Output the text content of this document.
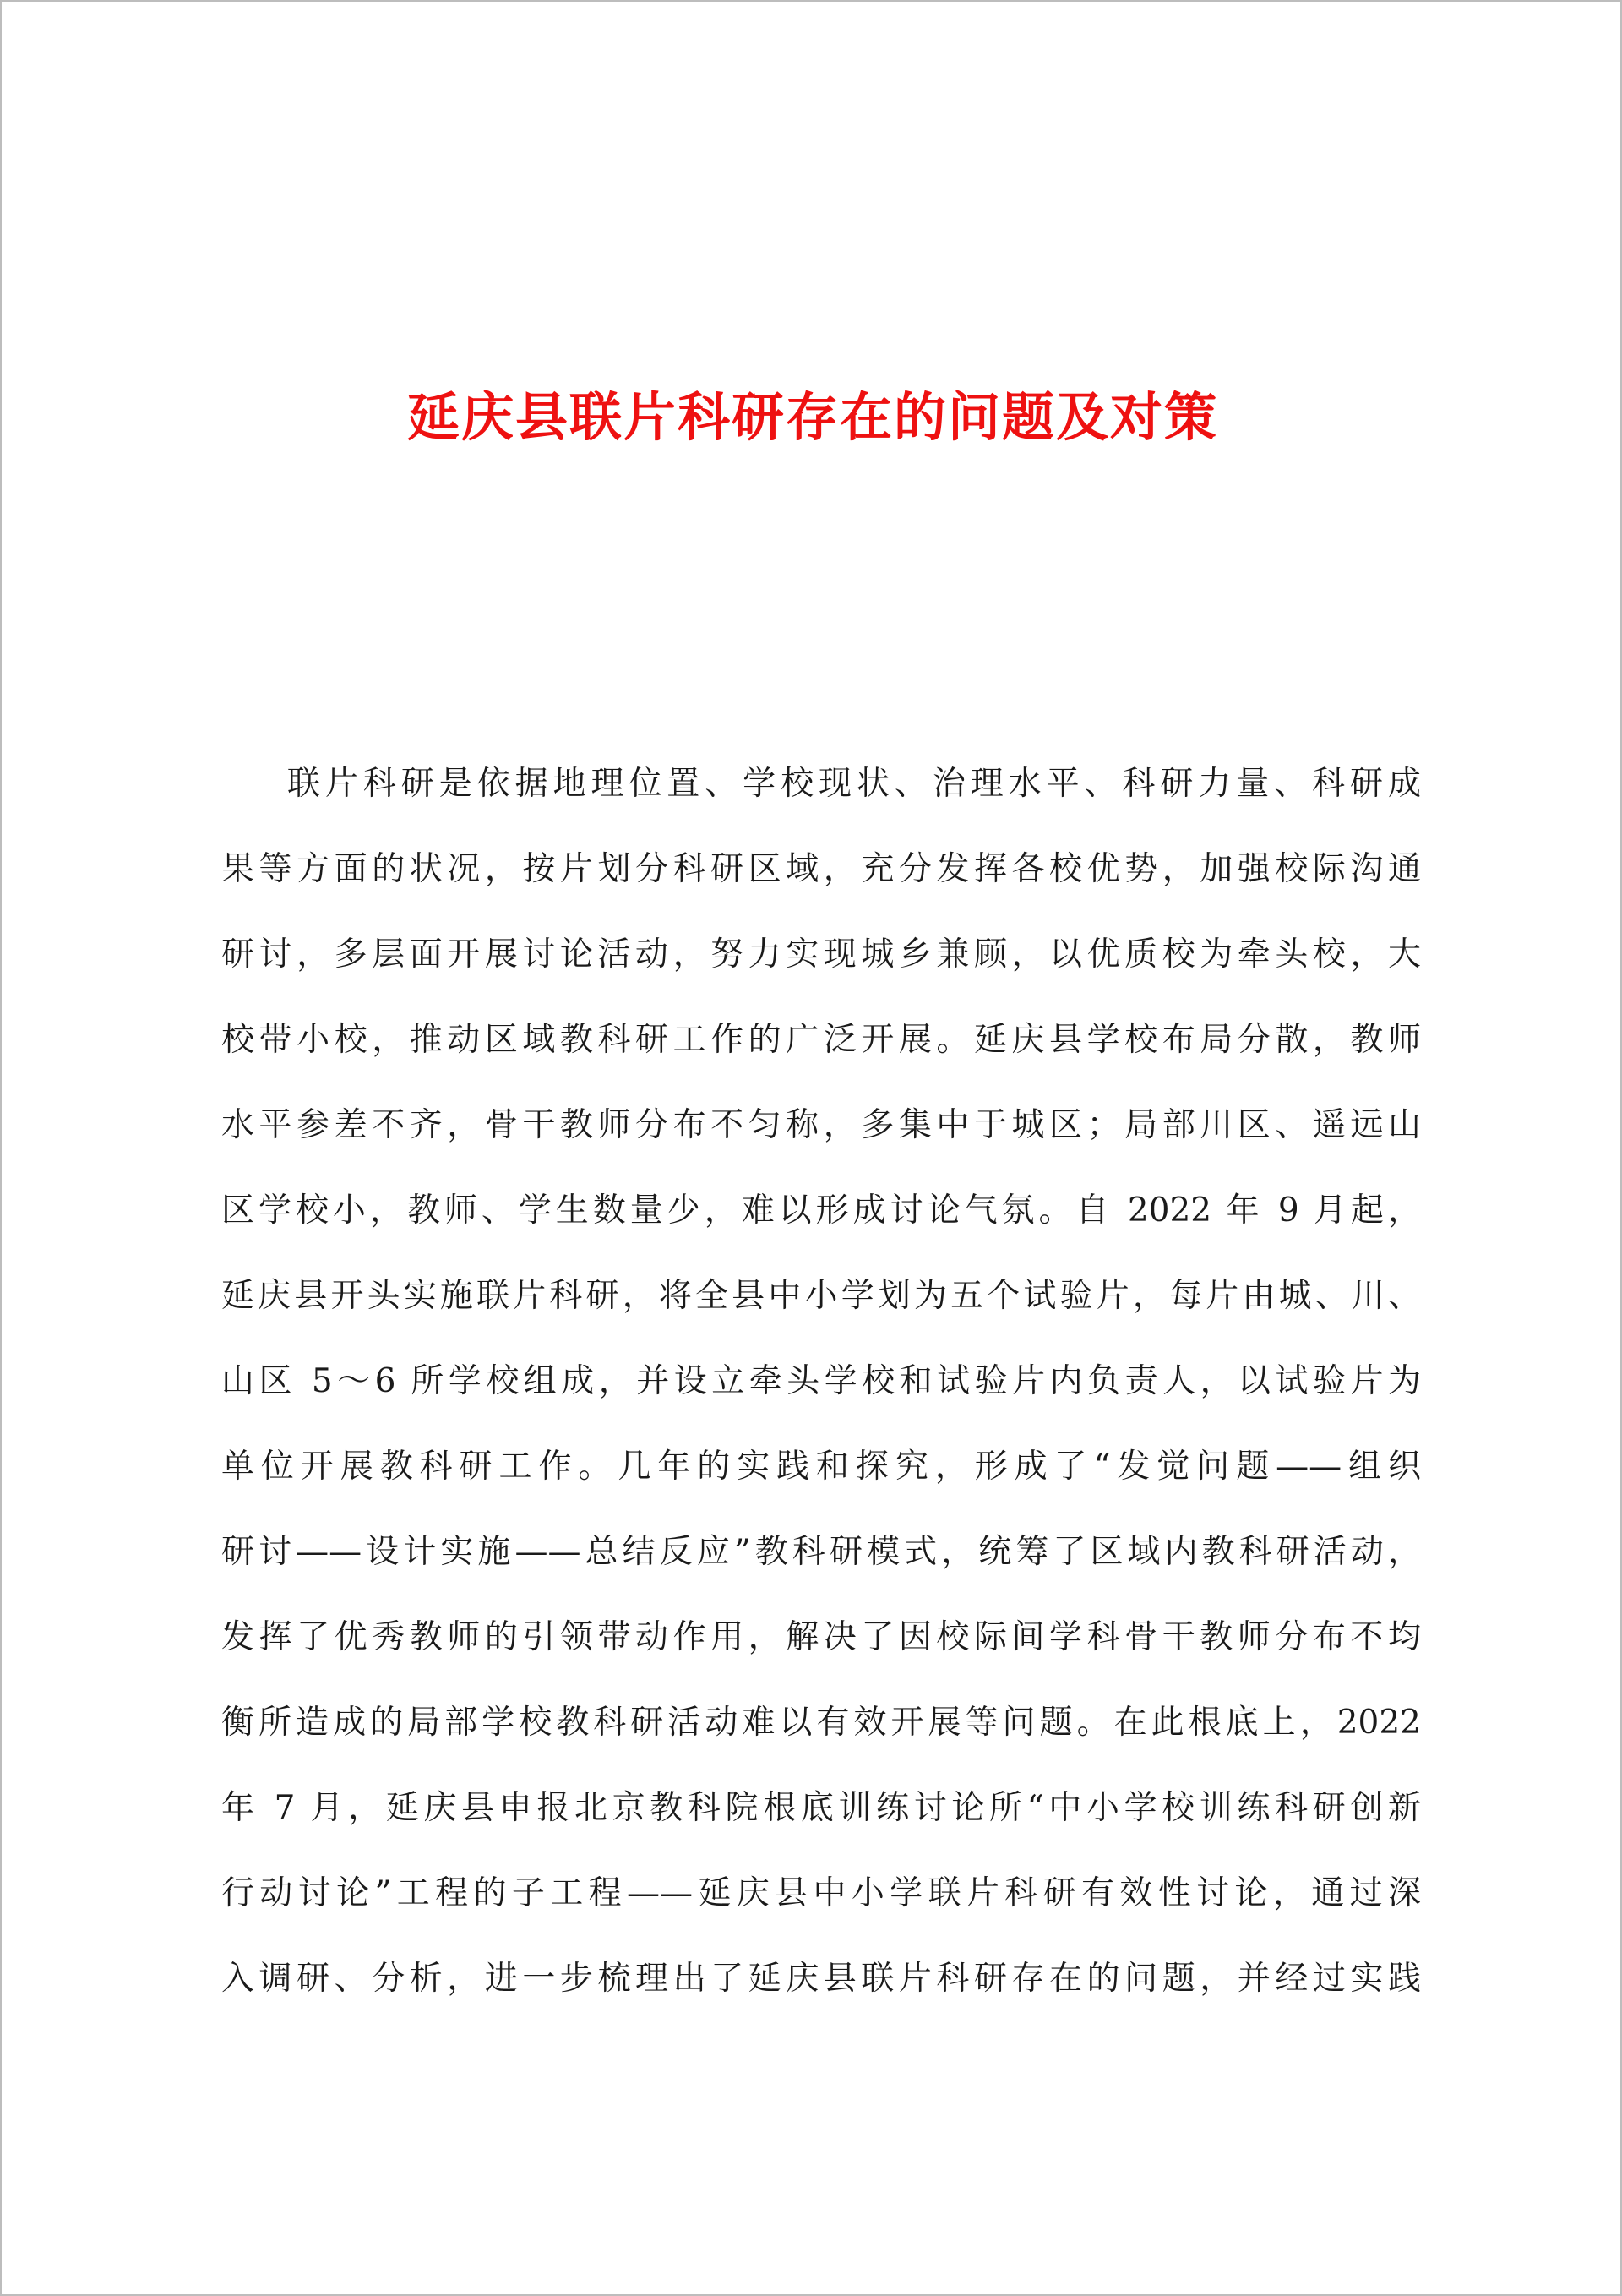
延庆县联片科研存在的问题及对策
联片科研是依据地理位置、学校现状、治理水平、科研力量、科研成
果等方面的状况，按片划分科研区域，充分发挥各校优势，加强校际沟通
研讨，多层面开展讨论活动，努力实现城乡兼顾，以优质校为牵头校，大
校带小校，推动区域教科研工作的广泛开展。延庆县学校布局分散，教师
水平参差不齐，骨干教师分布不匀称，多集中于城区；局部川区、遥远山
区学校小，教师、学生数量少，难以形成讨论气氛。自 2022 年 9 月起，
延庆县开头实施联片科研，将全县中小学划为五个试验片，每片由城、川、
山区 5～6 所学校组成，并设立牵头学校和试验片内负责人，以试验片为
单位开展教科研工作。几年的实践和探究，形成了“发觉问题——组织
研讨——设计实施——总结反应”教科研模式，统筹了区域内教科研活动，
发挥了优秀教师的引领带动作用，解决了因校际间学科骨干教师分布不均
衡所造成的局部学校教科研活动难以有效开展等问题。在此根底上，2022
年 7 月，延庆县申报北京教科院根底训练讨论所“中小学校训练科研创新
行动讨论”工程的子工程——延庆县中小学联片科研有效性讨论，通过深
入调研、分析，进一步梳理出了延庆县联片科研存在的问题，并经过实践
